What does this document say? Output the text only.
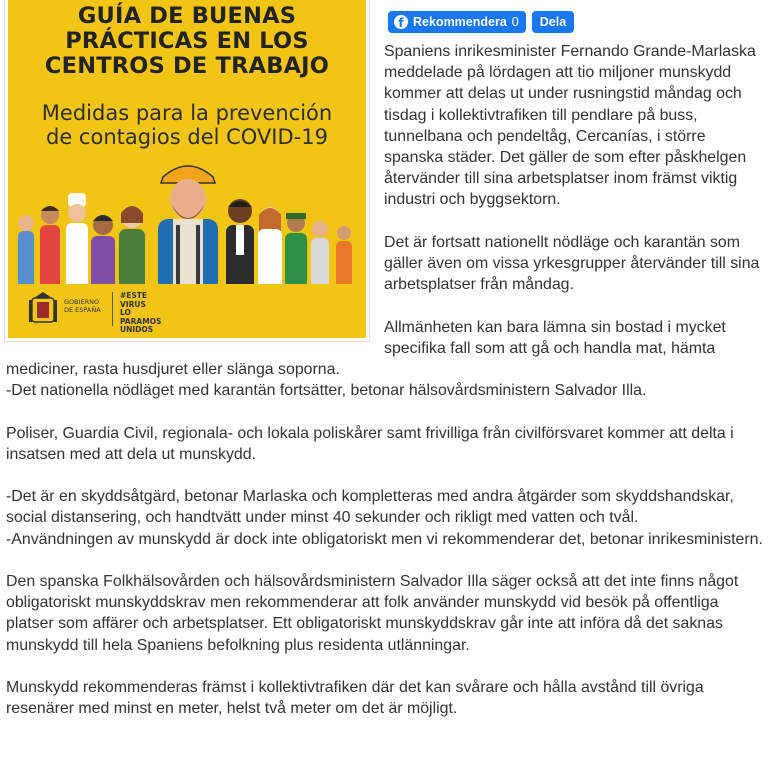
GUÍA DE BUENAS
PRÁCTICAS EN LOS
CENTROS DE TRABAJO
Medidas para la prevención
de contagios del COVID-19
GOBIERNO
DE ESPAÑA
#ESTE
VIRUS
LO
PARAMOS
UNIDOS
f Rekommendera 0 Dela

Spaniens inrikesminister Fernando Grande-Marlaska meddelade på lördagen att tio miljoner munskydd kommer att delas ut under rusningstid måndag och tisdag i kollektivtrafiken till pendlare på buss, tunnelbana och pendeltåg, Cercanías, i större spanska städer. Det gäller de som efter påskhelgen återvänder till sina arbetsplatser inom främst viktig industri och byggsektorn.

Det är fortsatt nationellt nödläge och karantän som gäller även om vissa yrkesgrupper återvänder till sina arbetsplatser från måndag.

Allmänheten kan bara lämna sin bostad i mycket specifika fall som att gå och handla mat, hämta mediciner, rasta husdjuret eller slänga soporna.

-Det nationella nödläget med karantän fortsätter, betonar hälsovårdsministern Salvador Illa.

Poliser, Guardia Civil, regionala- och lokala poliskårer samt frivilliga från civilförsvaret kommer att delta i insatsen med att dela ut munskydd.

-Det är en skyddsåtgärd, betonar Marlaska och kompletteras med andra åtgärder som skyddshandskar, social distansering, och handtvätt under minst 40 sekunder och rikligt med vatten och tvål.

-Användningen av munskydd är dock inte obligatoriskt men vi rekommenderar det, betonar inrikesministern.

Den spanska Folkhälsovården och hälsovårdsministern Salvador Illa säger också att det inte finns något obligatoriskt munskyddskrav men rekommenderar att folk använder munskydd vid besök på offentliga platser som affärer och arbetsplatser. Ett obligatoriskt munskyddskrav går inte att införa då det saknas munskydd till hela Spaniens befolkning plus residenta utlänningar.

Munskydd rekommenderas främst i kollektivtrafiken där det kan svårare och hålla avstånd till övriga resenärer med minst en meter, helst två meter om det är möjligt.
